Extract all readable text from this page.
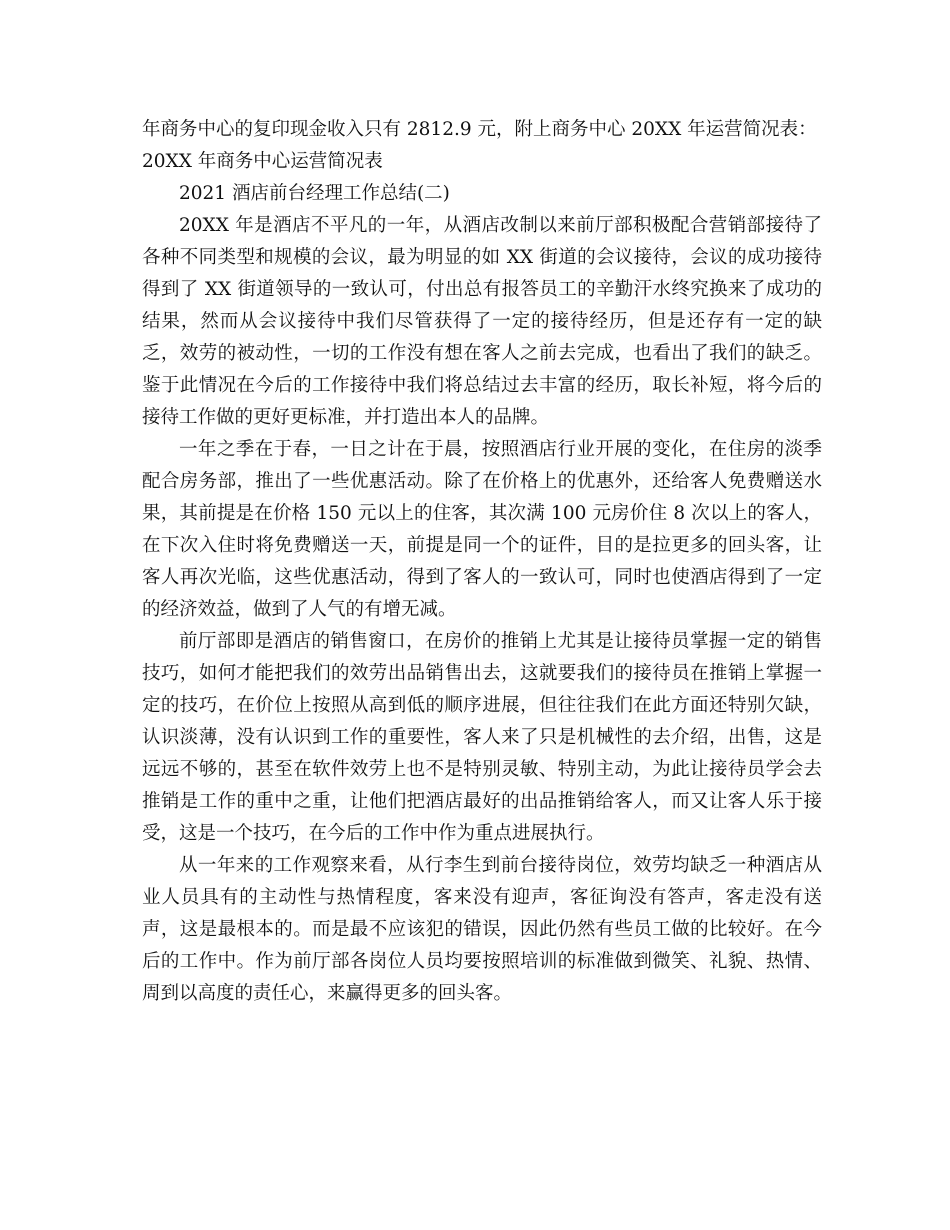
年商务中心的复印现金收入只有 2812.9 元，附上商务中心 20XX 年运营简况表：

20XX 年商务中心运营简况表

2021 酒店前台经理工作总结(二)

20XX 年是酒店不平凡的一年，从酒店改制以来前厅部积极配合营销部接待了各种不同类型和规模的会议，最为明显的如 XX 街道的会议接待，会议的成功接待得到了 XX 街道领导的一致认可，付出总有报答员工的辛勤汗水终究换来了成功的结果，然而从会议接待中我们尽管获得了一定的接待经历，但是还存有一定的缺乏，效劳的被动性，一切的工作没有想在客人之前去完成，也看出了我们的缺乏。鉴于此情况在今后的工作接待中我们将总结过去丰富的经历，取长补短，将今后的接待工作做的更好更标准，并打造出本人的品牌。

一年之季在于春，一日之计在于晨，按照酒店行业开展的变化，在住房的淡季配合房务部，推出了一些优惠活动。除了在价格上的优惠外，还给客人免费赠送水果，其前提是在价格 150 元以上的住客，其次满 100 元房价住 8 次以上的客人，在下次入住时将免费赠送一天，前提是同一个的证件，目的是拉更多的回头客，让客人再次光临，这些优惠活动，得到了客人的一致认可，同时也使酒店得到了一定的经济效益，做到了人气的有增无减。

前厅部即是酒店的销售窗口，在房价的推销上尤其是让接待员掌握一定的销售技巧，如何才能把我们的效劳出品销售出去，这就要我们的接待员在推销上掌握一定的技巧，在价位上按照从高到低的顺序进展，但往往我们在此方面还特别欠缺，认识淡薄，没有认识到工作的重要性，客人来了只是机械性的去介绍，出售，这是远远不够的，甚至在软件效劳上也不是特别灵敏、特别主动，为此让接待员学会去推销是工作的重中之重，让他们把酒店最好的出品推销给客人，而又让客人乐于接受，这是一个技巧，在今后的工作中作为重点进展执行。

从一年来的工作观察来看，从行李生到前台接待岗位，效劳均缺乏一种酒店从业人员具有的主动性与热情程度，客来没有迎声，客征询没有答声，客走没有送声，这是最根本的。而是最不应该犯的错误，因此仍然有些员工做的比较好。在今后的工作中。作为前厅部各岗位人员均要按照培训的标准做到微笑、礼貌、热情、周到以高度的责任心，来赢得更多的回头客。
